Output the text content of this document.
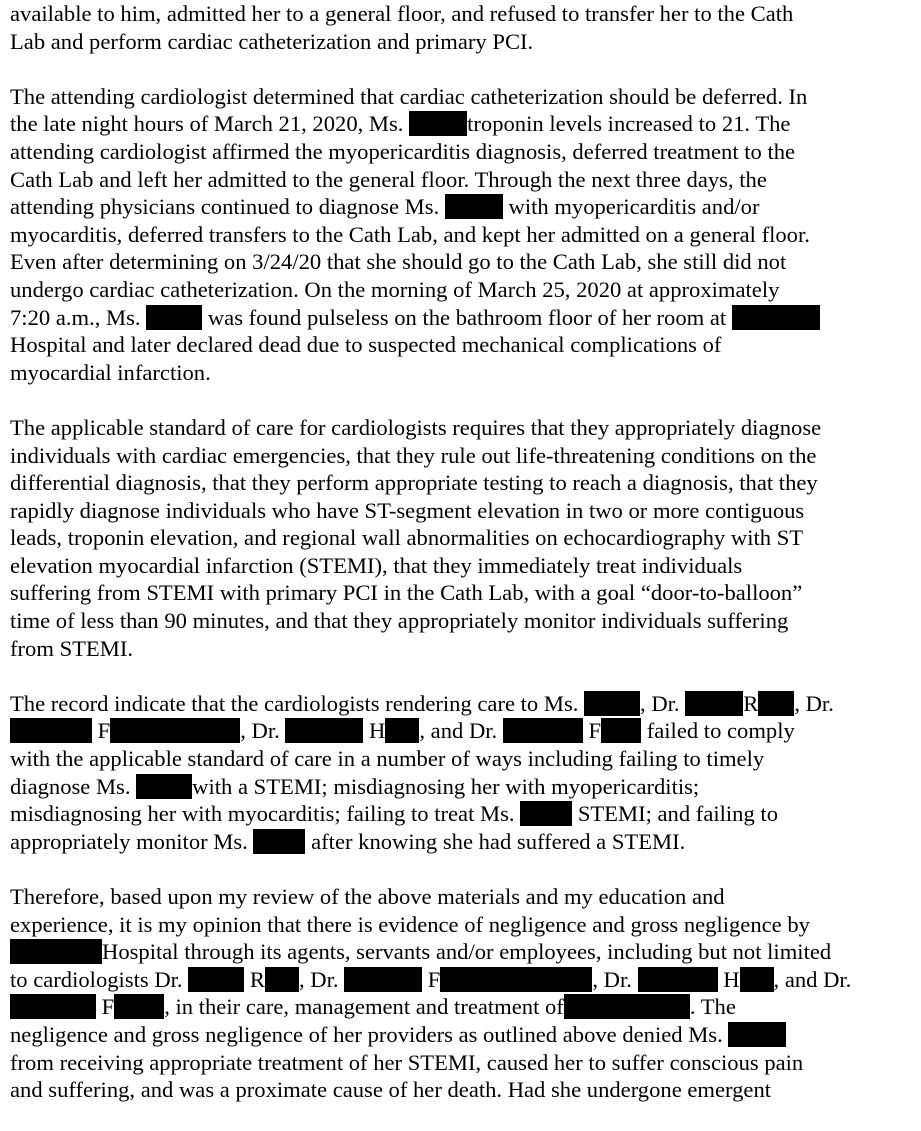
available to him, admitted her to a general floor, and refused to transfer her to the Cath
Lab and perform cardiac catheterization and primary PCI.
The attending cardiologist determined that cardiac catheterization should be deferred. In
the late night hours of March 21, 2020, Ms.	troponin levels increased to 21. The
attending cardiologist affirmed the myopericarditis diagnosis, deferred treatment to the
Cath Lab and left her admitted to the general floor. Through the next three days, the
attending physicians continued to diagnose Ms.	with myopericarditis and/or
myocarditis, deferred transfers to the Cath Lab, and kept her admitted on a general floor.
Even after determining on 3/24/20 that she should go to the Cath Lab, she still did not
undergo cardiac catheterization. On the morning of March 25, 2020 at approximately
7:20 a.m., Ms.  was found pulseless on the bathroom floor of her room at
Hospital and later declared dead due to suspected mechanical complications of
myocardial infarction.
The applicable standard of care for cardiologists requires that they appropriately diagnose
individuals with cardiac emergencies, that they rule out life-threatening conditions on the
differential diagnosis, that they perform appropriate testing to reach a diagnosis, that they
rapidly diagnose individuals who have ST-segment elevation in two or more contiguous
leads, troponin elevation, and regional wall abnormalities on echocardiography with ST
elevation myocardial infarction (STEMI), that they immediately treat individuals
suffering from STEMI with primary PCI in the Cath Lab, with a goal “door-to-balloon”
time of less than 90 minutes, and that they appropriately monitor individuals suffering
from STEMI.
The record indicate that the cardiologists rendering care to Ms. , Dr.	R , Dr.
F	, Dr.	H , and Dr.	F failed to comply
with the applicable standard of care in a number of ways including failing to timely
diagnose Ms. with a STEMI; misdiagnosing her with myopericarditis;
misdiagnosing her with myocarditis; failing to treat Ms.  STEMI; and failing to
appropriately monitor Ms.  after knowing she had suffered a STEMI.
Therefore, based upon my review of the above materials and my education and
experience, it is my opinion that there is evidence of negligence and gross negligence by
Hospital through its agents, servants and/or employees, including but not limited
to cardiologists Dr.  R , Dr.	F	, Dr.	H , and Dr.
F , in their care, management and treatment of	. The
negligence and gross negligence of her providers as outlined above denied Ms.
from receiving appropriate treatment of her STEMI, caused her to suffer conscious pain
and suffering, and was a proximate cause of her death. Had she undergone emergent
